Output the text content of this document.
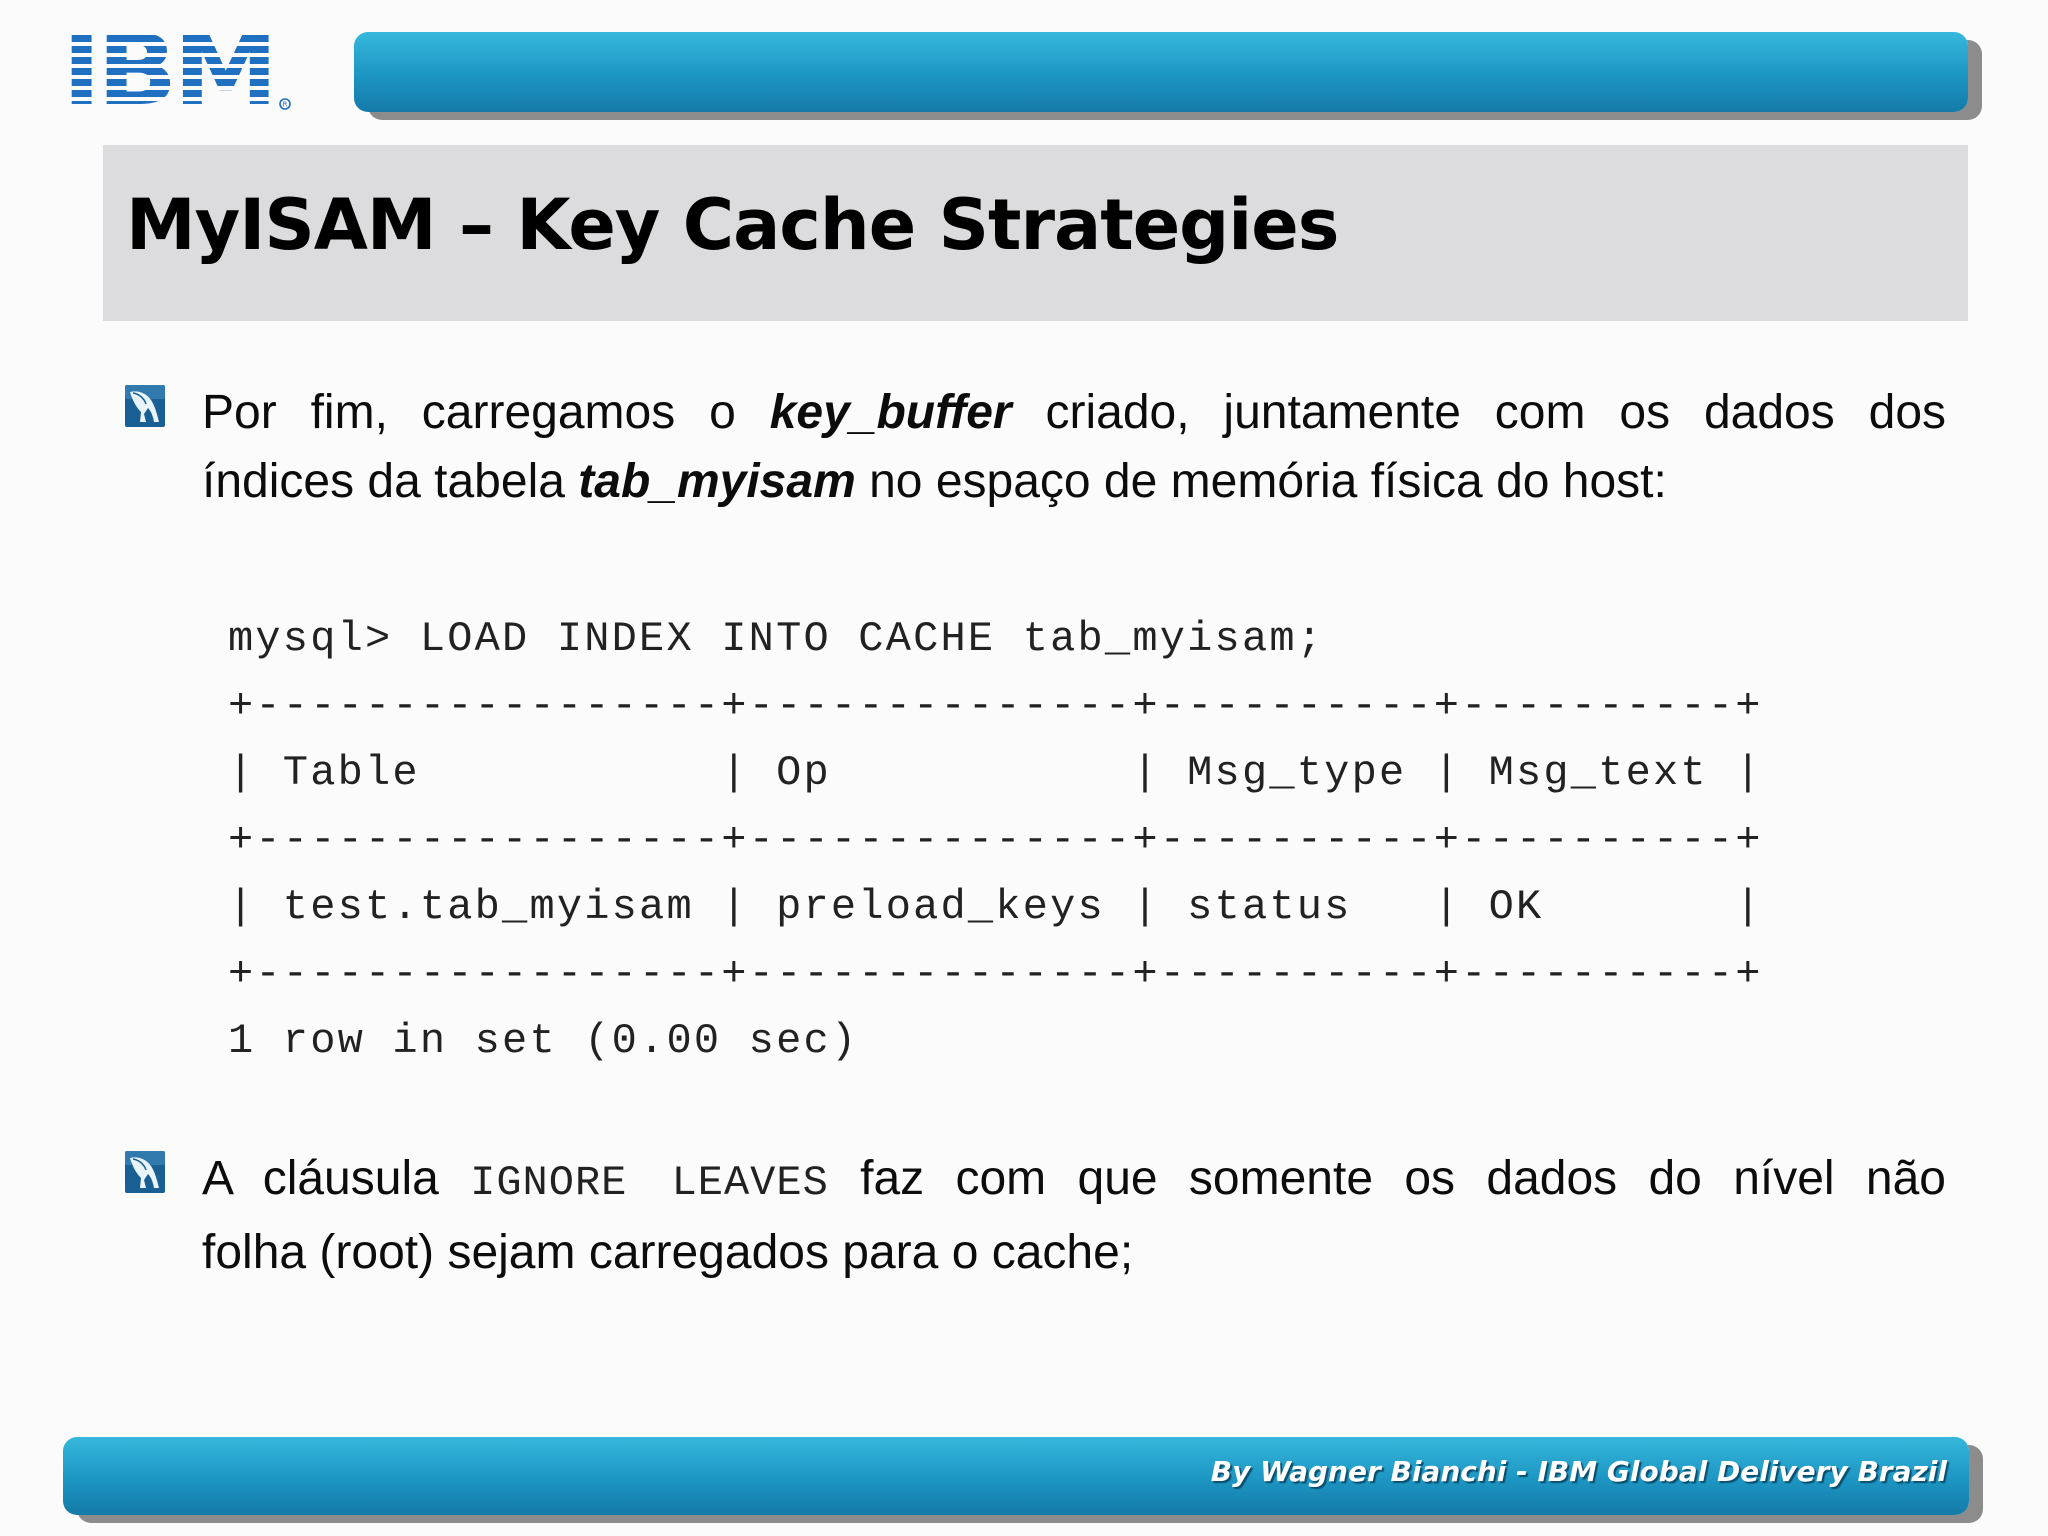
IBM R
MyISAM – Key Cache Strategies

Por fim, carregamos o key_buffer criado, juntamente com os dados dos
índices da tabela tab_myisam no espaço de memória física do host:

mysql> LOAD INDEX INTO CACHE tab_myisam;
+-----------------+--------------+----------+----------+
| Table           | Op           | Msg_type | Msg_text |
+-----------------+--------------+----------+----------+
| test.tab_myisam | preload_keys | status   | OK       |
+-----------------+--------------+----------+----------+
1 row in set (0.00 sec)

A cláusula IGNORE LEAVES faz com que somente os dados do nível não
folha (root) sejam carregados para o cache;

By Wagner Bianchi - IBM Global Delivery Brazil
